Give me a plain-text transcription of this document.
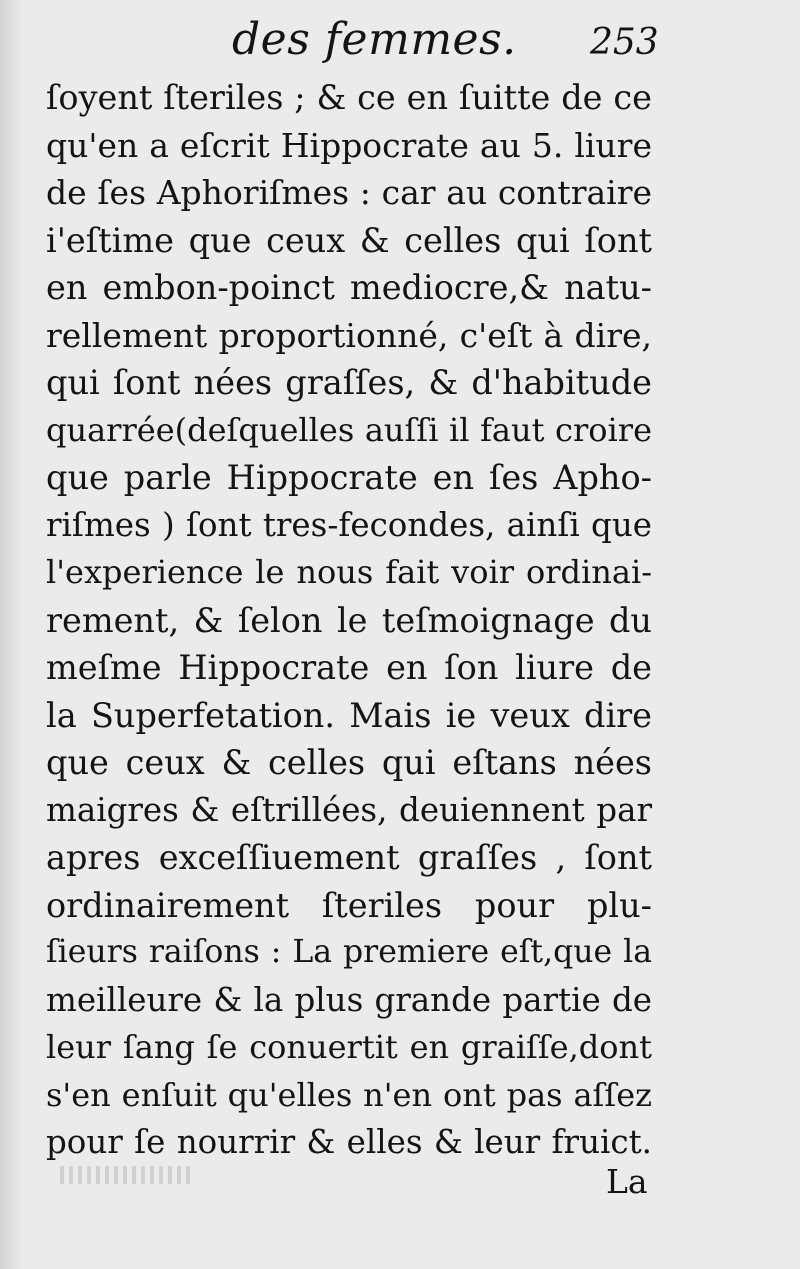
des femmes. 253
ſoyent ſteriles ; & ce en ſuitte de ce
qu'en a eſcrit Hippocrate au 5. liure
de ſes Aphoriſmes : car au contraire
i'eſtime que ceux & celles qui ſont
en embon-poinct mediocre,& natu-
rellement proportionné, c'eſt à dire,
qui ſont nées graſſes, & d'habitude
quarrée(deſquelles auſſi il faut croire
que parle Hippocrate en ſes Apho-
riſmes ) ſont tres-fecondes, ainſi que
l'experience le nous fait voir ordinai-
rement, & ſelon le teſmoignage du
meſme Hippocrate en ſon liure de
la Superfetation. Mais ie veux dire
que ceux & celles qui eſtans nées
maigres & eſtrillées, deuiennent par
apres exceſſiuement graſſes , ſont
ordinairement ſteriles pour plu-
ſieurs raiſons : La premiere eſt,que la
meilleure & la plus grande partie de
leur ſang ſe conuertit en graiſſe,dont
s'en enſuit qu'elles n'en ont pas aſſez
pour ſe nourrir & elles & leur fruict.
La
